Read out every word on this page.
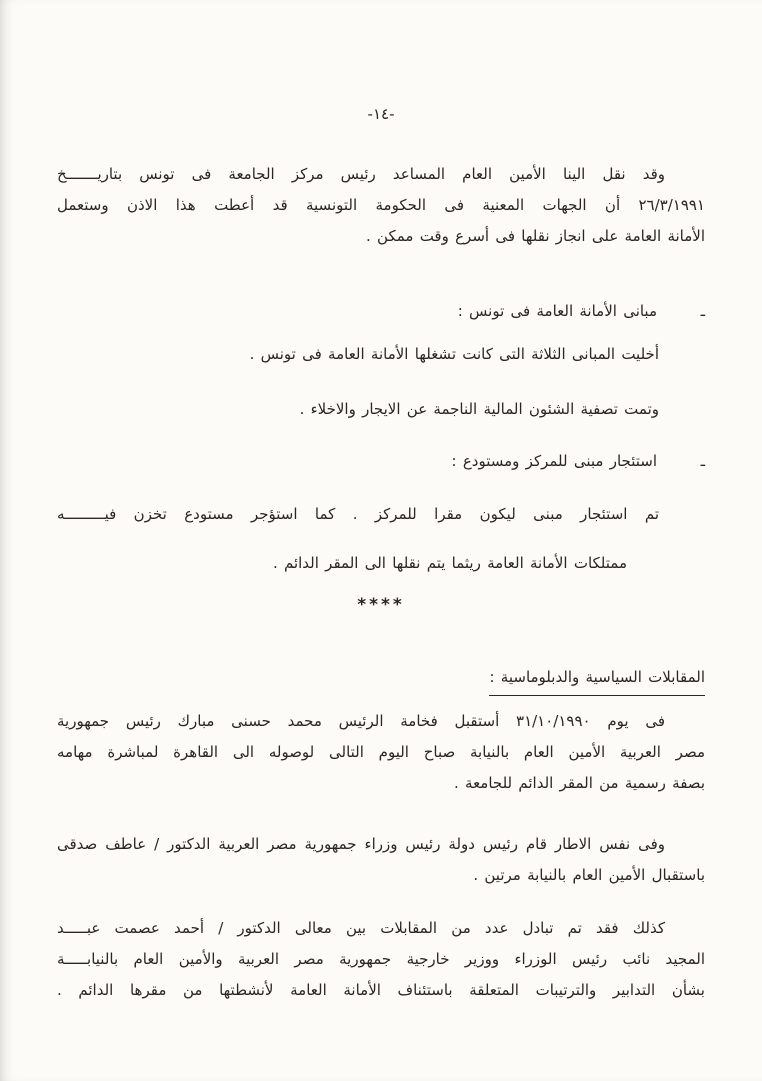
-١٤-
وقد نقل الينا الأمين العام المساعد رئيس مركز الجامعة فى تونس بتاريـــــــخ
٢٦/٣/١٩٩١ أن الجهات المعنية فى الحكومة التونسية قد أعطت هذا الاذن وستعمل
الأمانة العامة على انجاز نقلها فى أسرع وقت ممكن .
ـمبانى الأمانة العامة فى تونس :
أخليت المبانى الثلاثة التى كانت تشغلها الأمانة العامة فى تونس .
وتمت تصفية الشئون المالية الناجمة عن الايجار والاخلاء .
ـاستئجار مبنى للمركز ومستودع :
تم استئجار مبنى ليكون مقرا للمركز . كما استؤجر مستودع تخزن فيـــــــــه
ممتلكات الأمانة العامة ريثما يتم نقلها الى المقر الدائم .
****
المقابلات السياسية والدبلوماسية :
فى يوم ٣١/١٠/١٩٩٠ أستقبل فخامة الرئيس محمد حسنى مبارك رئيس جمهورية
مصر العربية الأمين العام بالنيابة صباح اليوم التالى لوصوله الى القاهرة لمباشرة مهامه
بصفة رسمية من المقر الدائم للجامعة .
وفى نفس الاطار قام رئيس دولة رئيس وزراء جمهورية مصر العربية الدكتور / عاطف صدقى
باستقبال الأمين العام بالنيابة مرتين .
كذلك فقد تم تبادل عدد من المقابلات بين معالى الدكتور / أحمد عصمت عبـــــد
المجيد نائب رئيس الوزراء ووزير خارجية جمهورية مصر العربية والأمين العام بالنيابـــــة
بشأن التدابير والترتيبات المتعلقة باستئناف الأمانة العامة لأنشطتها من مقرها الدائم .
